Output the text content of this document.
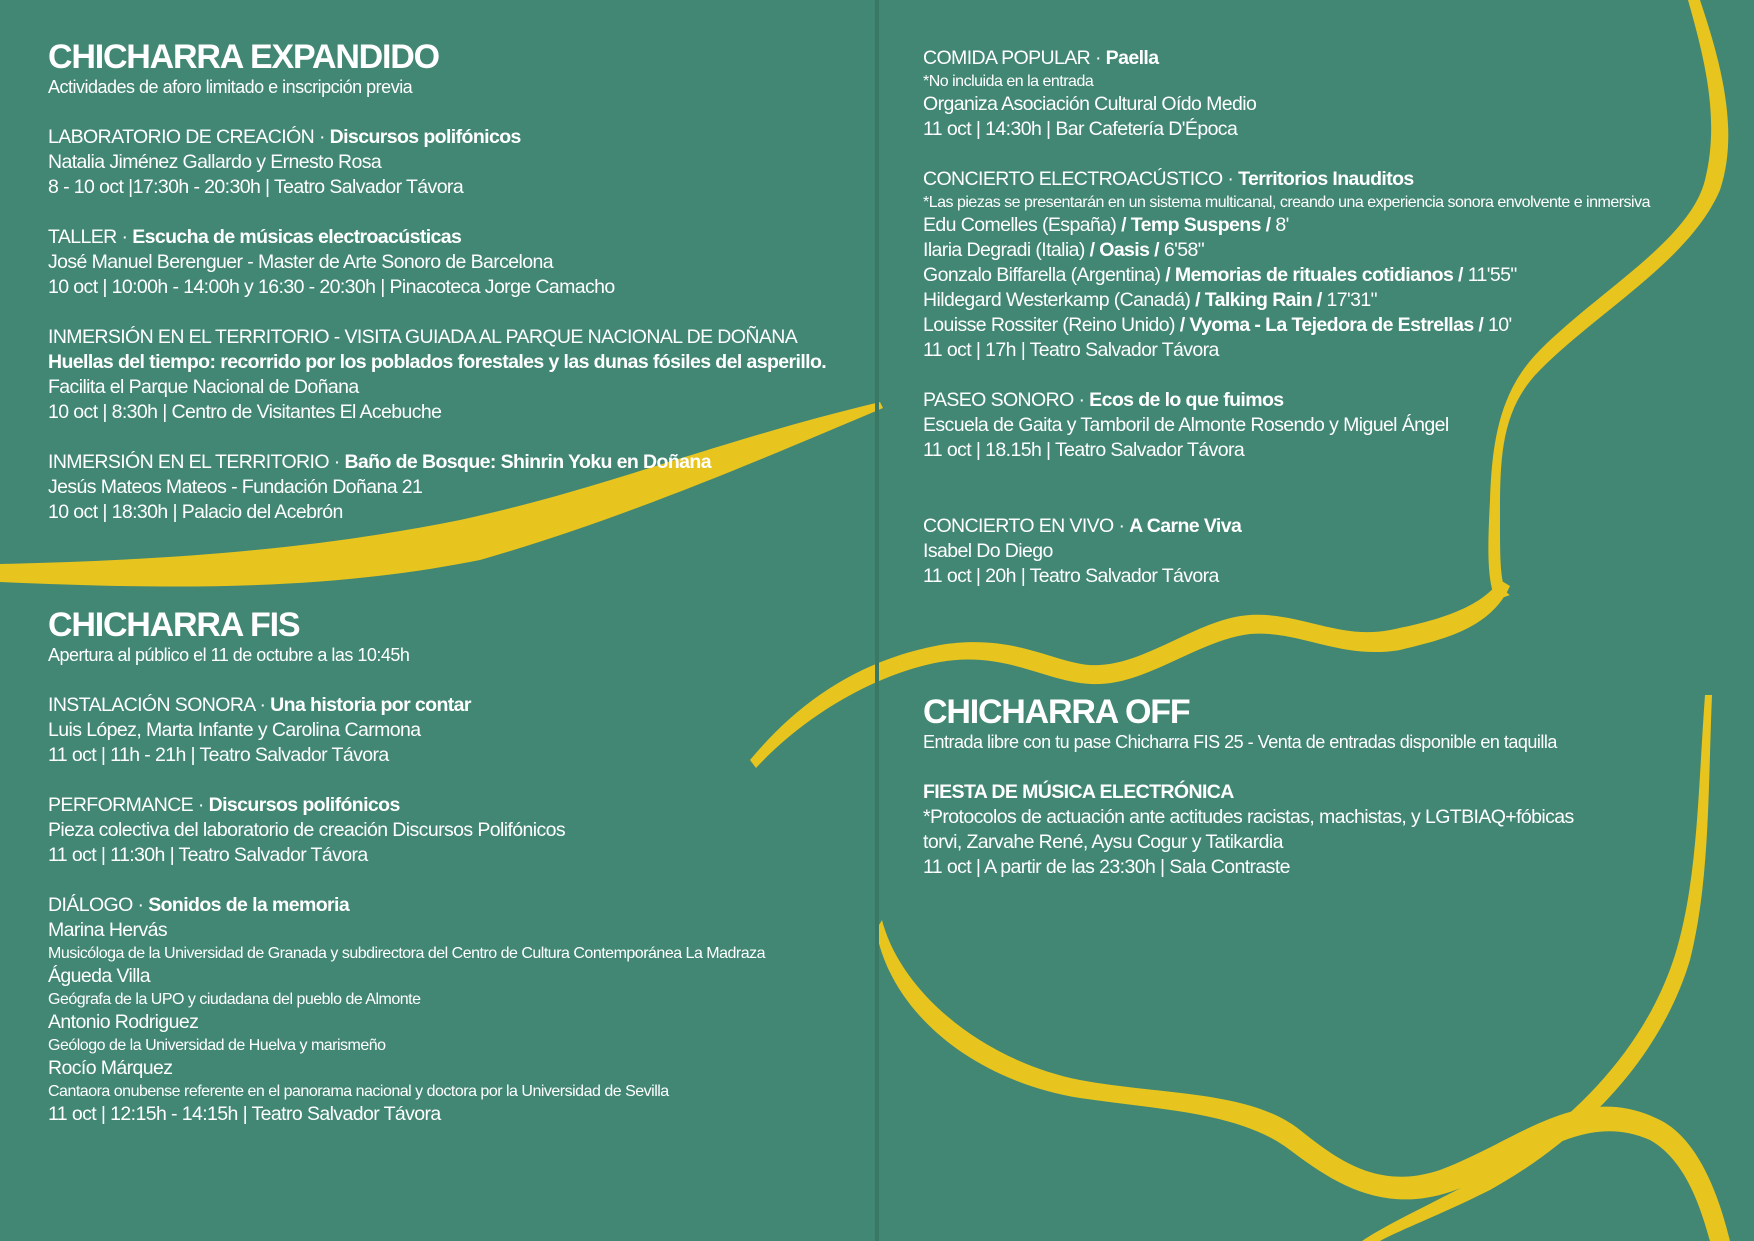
CHICHARRA EXPANDIDO
Actividades de aforo limitado e inscripción previa
LABORATORIO DE CREACIÓN · Discursos polifónicos
Natalia Jiménez Gallardo y Ernesto Rosa
8 - 10 oct |17:30h - 20:30h | Teatro Salvador Távora
TALLER · Escucha de músicas electroacústicas
José Manuel Berenguer - Master de Arte Sonoro de Barcelona
10 oct | 10:00h - 14:00h y 16:30 - 20:30h | Pinacoteca Jorge Camacho
INMERSIÓN EN EL TERRITORIO - VISITA GUIADA AL PARQUE NACIONAL DE DOÑANA
Huellas del tiempo: recorrido por los poblados forestales y las dunas fósiles del asperillo.
Facilita el Parque Nacional de Doñana
10 oct | 8:30h | Centro de Visitantes El Acebuche
INMERSIÓN EN EL TERRITORIO · Baño de Bosque: Shinrin Yoku en Doñana
Jesús Mateos Mateos - Fundación Doñana 21
10 oct | 18:30h | Palacio del Acebrón
CHICHARRA FIS
Apertura al público el 11 de octubre a las 10:45h
INSTALACIÓN SONORA · Una historia por contar
Luis López, Marta Infante y Carolina Carmona
11 oct | 11h - 21h | Teatro Salvador Távora
PERFORMANCE · Discursos polifónicos
Pieza colectiva del laboratorio de creación Discursos Polifónicos
11 oct | 11:30h | Teatro Salvador Távora
DIÁLOGO · Sonidos de la memoria
Marina Hervás
Musicóloga de la Universidad de Granada y subdirectora del Centro de Cultura Contemporánea La Madraza
Águeda Villa
Geógrafa de la UPO y ciudadana del pueblo de Almonte
Antonio Rodriguez
Geólogo de la Universidad de Huelva y marismeño
Rocío Márquez
Cantaora onubense referente en el panorama nacional y doctora por la Universidad de Sevilla
11 oct | 12:15h - 14:15h | Teatro Salvador Távora
COMIDA POPULAR · Paella
*No incluida en la entrada
Organiza Asociación Cultural Oído Medio
11 oct | 14:30h | Bar Cafetería D'Época
CONCIERTO ELECTROACÚSTICO · Territorios Inauditos
*Las piezas se presentarán en un sistema multicanal, creando una experiencia sonora envolvente e inmersiva
Edu Comelles (España) / Temp Suspens / 8'
Ilaria Degradi (Italia) / Oasis / 6'58"
Gonzalo Biffarella (Argentina) / Memorias de rituales cotidianos / 11'55"
Hildegard Westerkamp (Canadá) / Talking Rain / 17'31"
Louisse Rossiter (Reino Unido) / Vyoma - La Tejedora de Estrellas / 10'
11 oct | 17h | Teatro Salvador Távora
PASEO SONORO · Ecos de lo que fuimos
Escuela de Gaita y Tamboril de Almonte Rosendo y Miguel Ángel
11 oct | 18.15h | Teatro Salvador Távora
CONCIERTO EN VIVO · A Carne Viva
Isabel Do Diego
11 oct | 20h | Teatro Salvador Távora
CHICHARRA OFF
Entrada libre con tu pase Chicharra FIS 25 - Venta de entradas disponible en taquilla
FIESTA DE MÚSICA ELECTRÓNICA
*Protocolos de actuación ante actitudes racistas, machistas, y LGTBIAQ+fóbicas
torvi, Zarvahe René, Aysu Cogur y Tatikardia
11 oct | A partir de las 23:30h | Sala Contraste
